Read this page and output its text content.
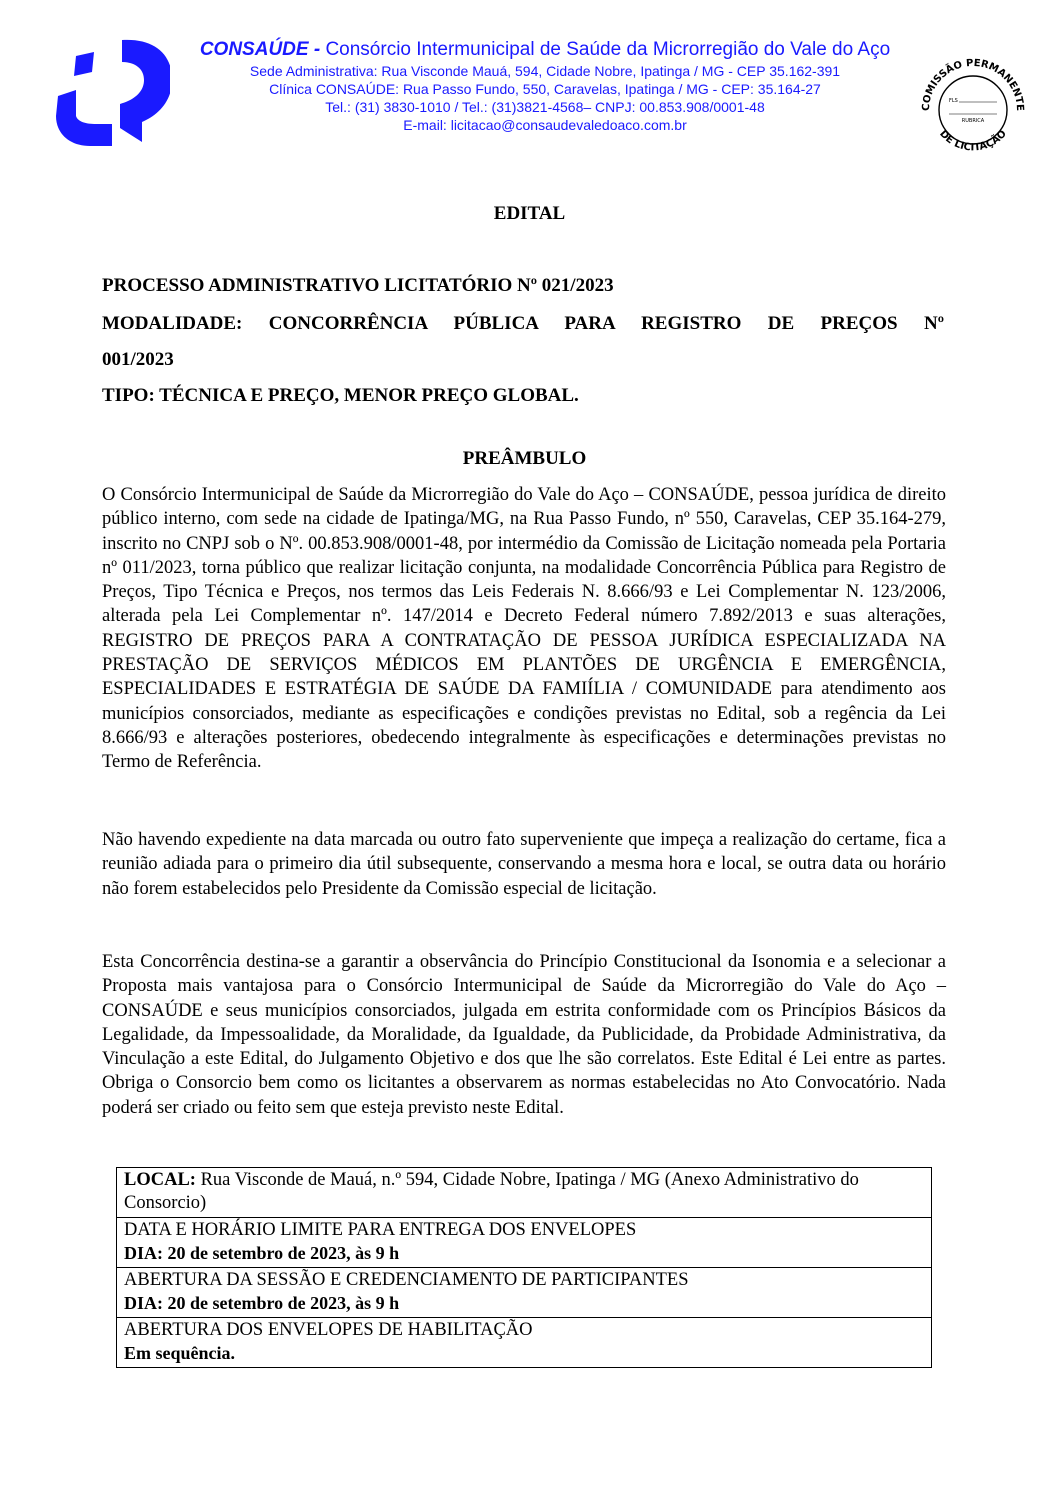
CONSAÚDE - Consórcio Intermunicipal de Saúde da Microrregião do Vale do Aço
Sede Administrativa: Rua Visconde Mauá, 594, Cidade Nobre, Ipatinga / MG - CEP 35.162-391
Clínica CONSAÚDE: Rua Passo Fundo, 550, Caravelas, Ipatinga / MG - CEP: 35.164-27
Tel.: (31) 3830-1010 / Tel.: (31)3821-4568– CNPJ: 00.853.908/0001-48
E-mail: licitacao@consaudevaledoaco.com.br
COMISSÃO PERMANENTE
DE LICITAÇÃO
FLS
RUBRICA
EDITAL
PROCESSO ADMINISTRATIVO LICITATÓRIO Nº 021/2023
MODALIDADE: CONCORRÊNCIA PÚBLICA PARA REGISTRO DE PREÇOS Nº
001/2023
TIPO: TÉCNICA E PREÇO, MENOR PREÇO GLOBAL.
PREÂMBULO
O Consórcio Intermunicipal de Saúde da Microrregião do Vale do Aço – CONSAÚDE, pessoa jurídica de direito público interno, com sede na cidade de Ipatinga/MG, na Rua Passo Fundo, nº 550, Caravelas, CEP 35.164-279, inscrito no CNPJ sob o Nº. 00.853.908/0001-48, por intermédio da Comissão de Licitação nomeada pela Portaria nº 011/2023, torna público que realizar licitação conjunta, na modalidade Concorrência Pública para Registro de Preços, Tipo Técnica e Preços, nos termos das Leis Federais N. 8.666/93 e Lei Complementar N. 123/2006, alterada pela Lei Complementar nº. 147/2014 e Decreto Federal número 7.892/2013 e suas alterações, REGISTRO DE PREÇOS PARA A CONTRATAÇÃO DE PESSOA JURÍDICA ESPECIALIZADA NA PRESTAÇÃO DE SERVIÇOS MÉDICOS EM PLANTÕES DE URGÊNCIA E EMERGÊNCIA, ESPECIALIDADES E ESTRATÉGIA DE SAÚDE DA FAMIÍLIA / COMUNIDADE para atendimento aos municípios consorciados, mediante as especificações e condições previstas no Edital, sob a regência da Lei 8.666/93 e alterações posteriores, obedecendo integralmente às especificações e determinações previstas no Termo de Referência.
Não havendo expediente na data marcada ou outro fato superveniente que impeça a realização do certame, fica a reunião adiada para o primeiro dia útil subsequente, conservando a mesma hora e local, se outra data ou horário não forem estabelecidos pelo Presidente da Comissão especial de licitação.
Esta Concorrência destina-se a garantir a observância do Princípio Constitucional da Isonomia e a selecionar a Proposta mais vantajosa para o Consórcio Intermunicipal de Saúde da Microrregião do Vale do Aço – CONSAÚDE e seus municípios consorciados, julgada em estrita conformidade com os Princípios Básicos da Legalidade, da Impessoalidade, da Moralidade, da Igualdade, da Publicidade, da Probidade Administrativa, da Vinculação a este Edital, do Julgamento Objetivo e dos que lhe são correlatos. Este Edital é Lei entre as partes. Obriga o Consorcio bem como os licitantes a observarem as normas estabelecidas no Ato Convocatório. Nada poderá ser criado ou feito sem que esteja previsto neste Edital.
LOCAL: Rua Visconde de Mauá, n.º 594, Cidade Nobre, Ipatinga / MG (Anexo Administrativo do Consorcio)

DATA E HORÁRIO LIMITE PARA ENTREGA DOS ENVELOPES
DIA: 20 de setembro de 2023, às 9 h

ABERTURA DA SESSÃO E CREDENCIAMENTO DE PARTICIPANTES
DIA: 20 de setembro de 2023, às 9 h

ABERTURA DOS ENVELOPES DE HABILITAÇÃO
Em sequência.
